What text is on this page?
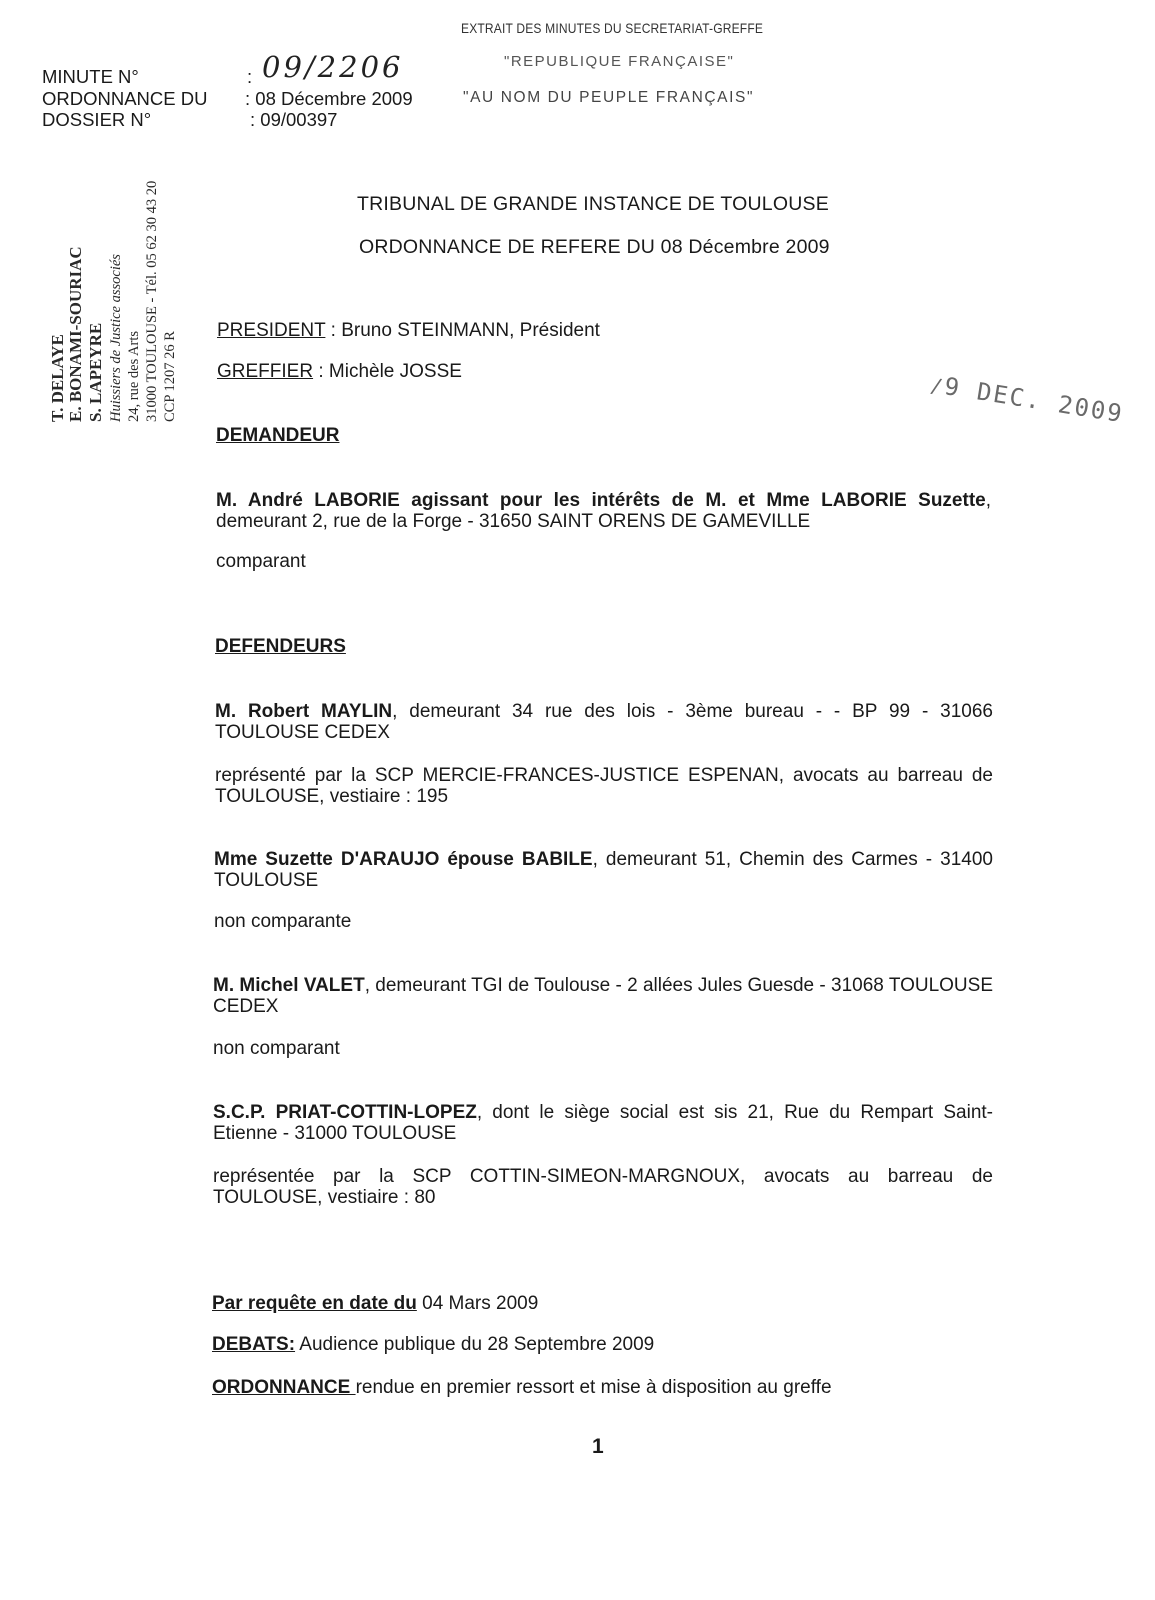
EXTRAIT DES MINUTES DU SECRETARIAT-GREFFE
"REPUBLIQUE FRANÇAISE"
"AU NOM DU PEUPLE FRANÇAIS"
MINUTE N°
ORDONNANCE DU
DOSSIER N°
: 09/2206
: 08 Décembre 2009
: 09/00397
T. DELAYE E. BONAMI-SOURIAC S. LAPEYRE Huissiers de Justice associés 24, rue des Arts 31000 TOULOUSE - Tél. 05 62 30 43 20 CCP 1207 26 R	/9 DEC. 2009
TRIBUNAL DE GRANDE INSTANCE DE TOULOUSE
ORDONNANCE DE REFERE DU 08 Décembre 2009
PRESIDENT : Bruno STEINMANN, Président
GREFFIER : Michèle JOSSE
DEMANDEUR
M. André LABORIE agissant pour les intérêts de M. et Mme LABORIE Suzette, demeurant 2, rue de la Forge - 31650 SAINT ORENS DE GAMEVILLE
comparant
DEFENDEURS
M. Robert MAYLIN, demeurant 34 rue des lois - 3ème bureau - - BP 99 - 31066 TOULOUSE CEDEX
représenté par la SCP MERCIE-FRANCES-JUSTICE ESPENAN, avocats au barreau de TOULOUSE, vestiaire : 195
Mme Suzette D'ARAUJO épouse BABILE, demeurant 51, Chemin des Carmes - 31400 TOULOUSE
non comparante
M. Michel VALET, demeurant TGI de Toulouse - 2 allées Jules Guesde - 31068 TOULOUSE CEDEX
non comparant
S.C.P. PRIAT-COTTIN-LOPEZ, dont le siège social est sis 21, Rue du Rempart Saint-Etienne - 31000 TOULOUSE
représentée par la SCP COTTIN-SIMEON-MARGNOUX, avocats au barreau de TOULOUSE, vestiaire : 80
Par requête en date du 04 Mars 2009
DEBATS: Audience publique du 28 Septembre 2009
ORDONNANCE rendue en premier ressort et mise à disposition au greffe
1
